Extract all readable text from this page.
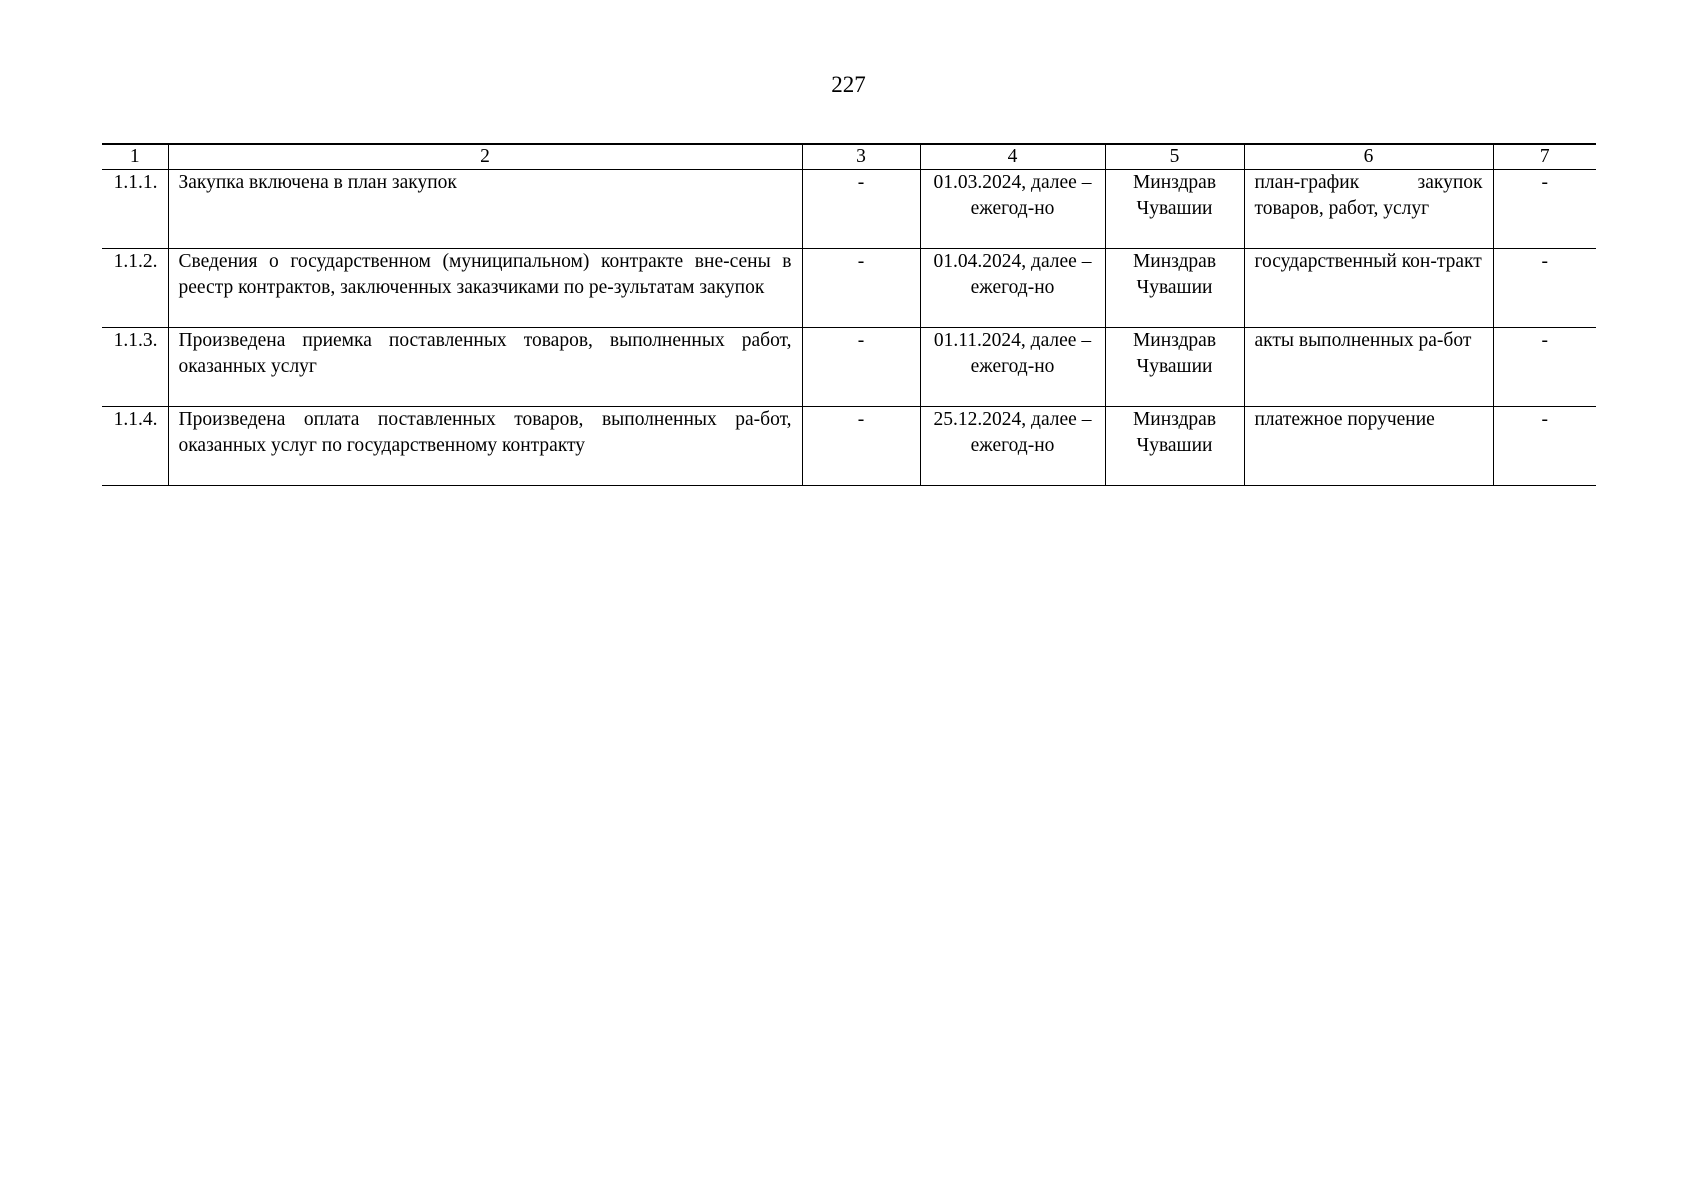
227
1	2	3	4	5	6	7
1.1.1.	Закупка включена в план закупок	-	01.03.2024, далее – ежегод-но	Минздрав Чувашии	план-график закупок товаров, работ, услуг	-
1.1.2.	Сведения о государственном (муниципальном) контракте вне-сены в реестр контрактов, заключенных заказчиками по ре-зультатам закупок	-	01.04.2024, далее – ежегод-но	Минздрав Чувашии	государственный кон-тракт	-
1.1.3.	Произведена приемка поставленных товаров, выполненных работ, оказанных услуг	-	01.11.2024, далее – ежегод-но	Минздрав Чувашии	акты выполненных ра-бот	-
1.1.4.	Произведена оплата поставленных товаров, выполненных ра-бот, оказанных услуг по государственному контракту	-	25.12.2024, далее – ежегод-но	Минздрав Чувашии	платежное поручение	-
